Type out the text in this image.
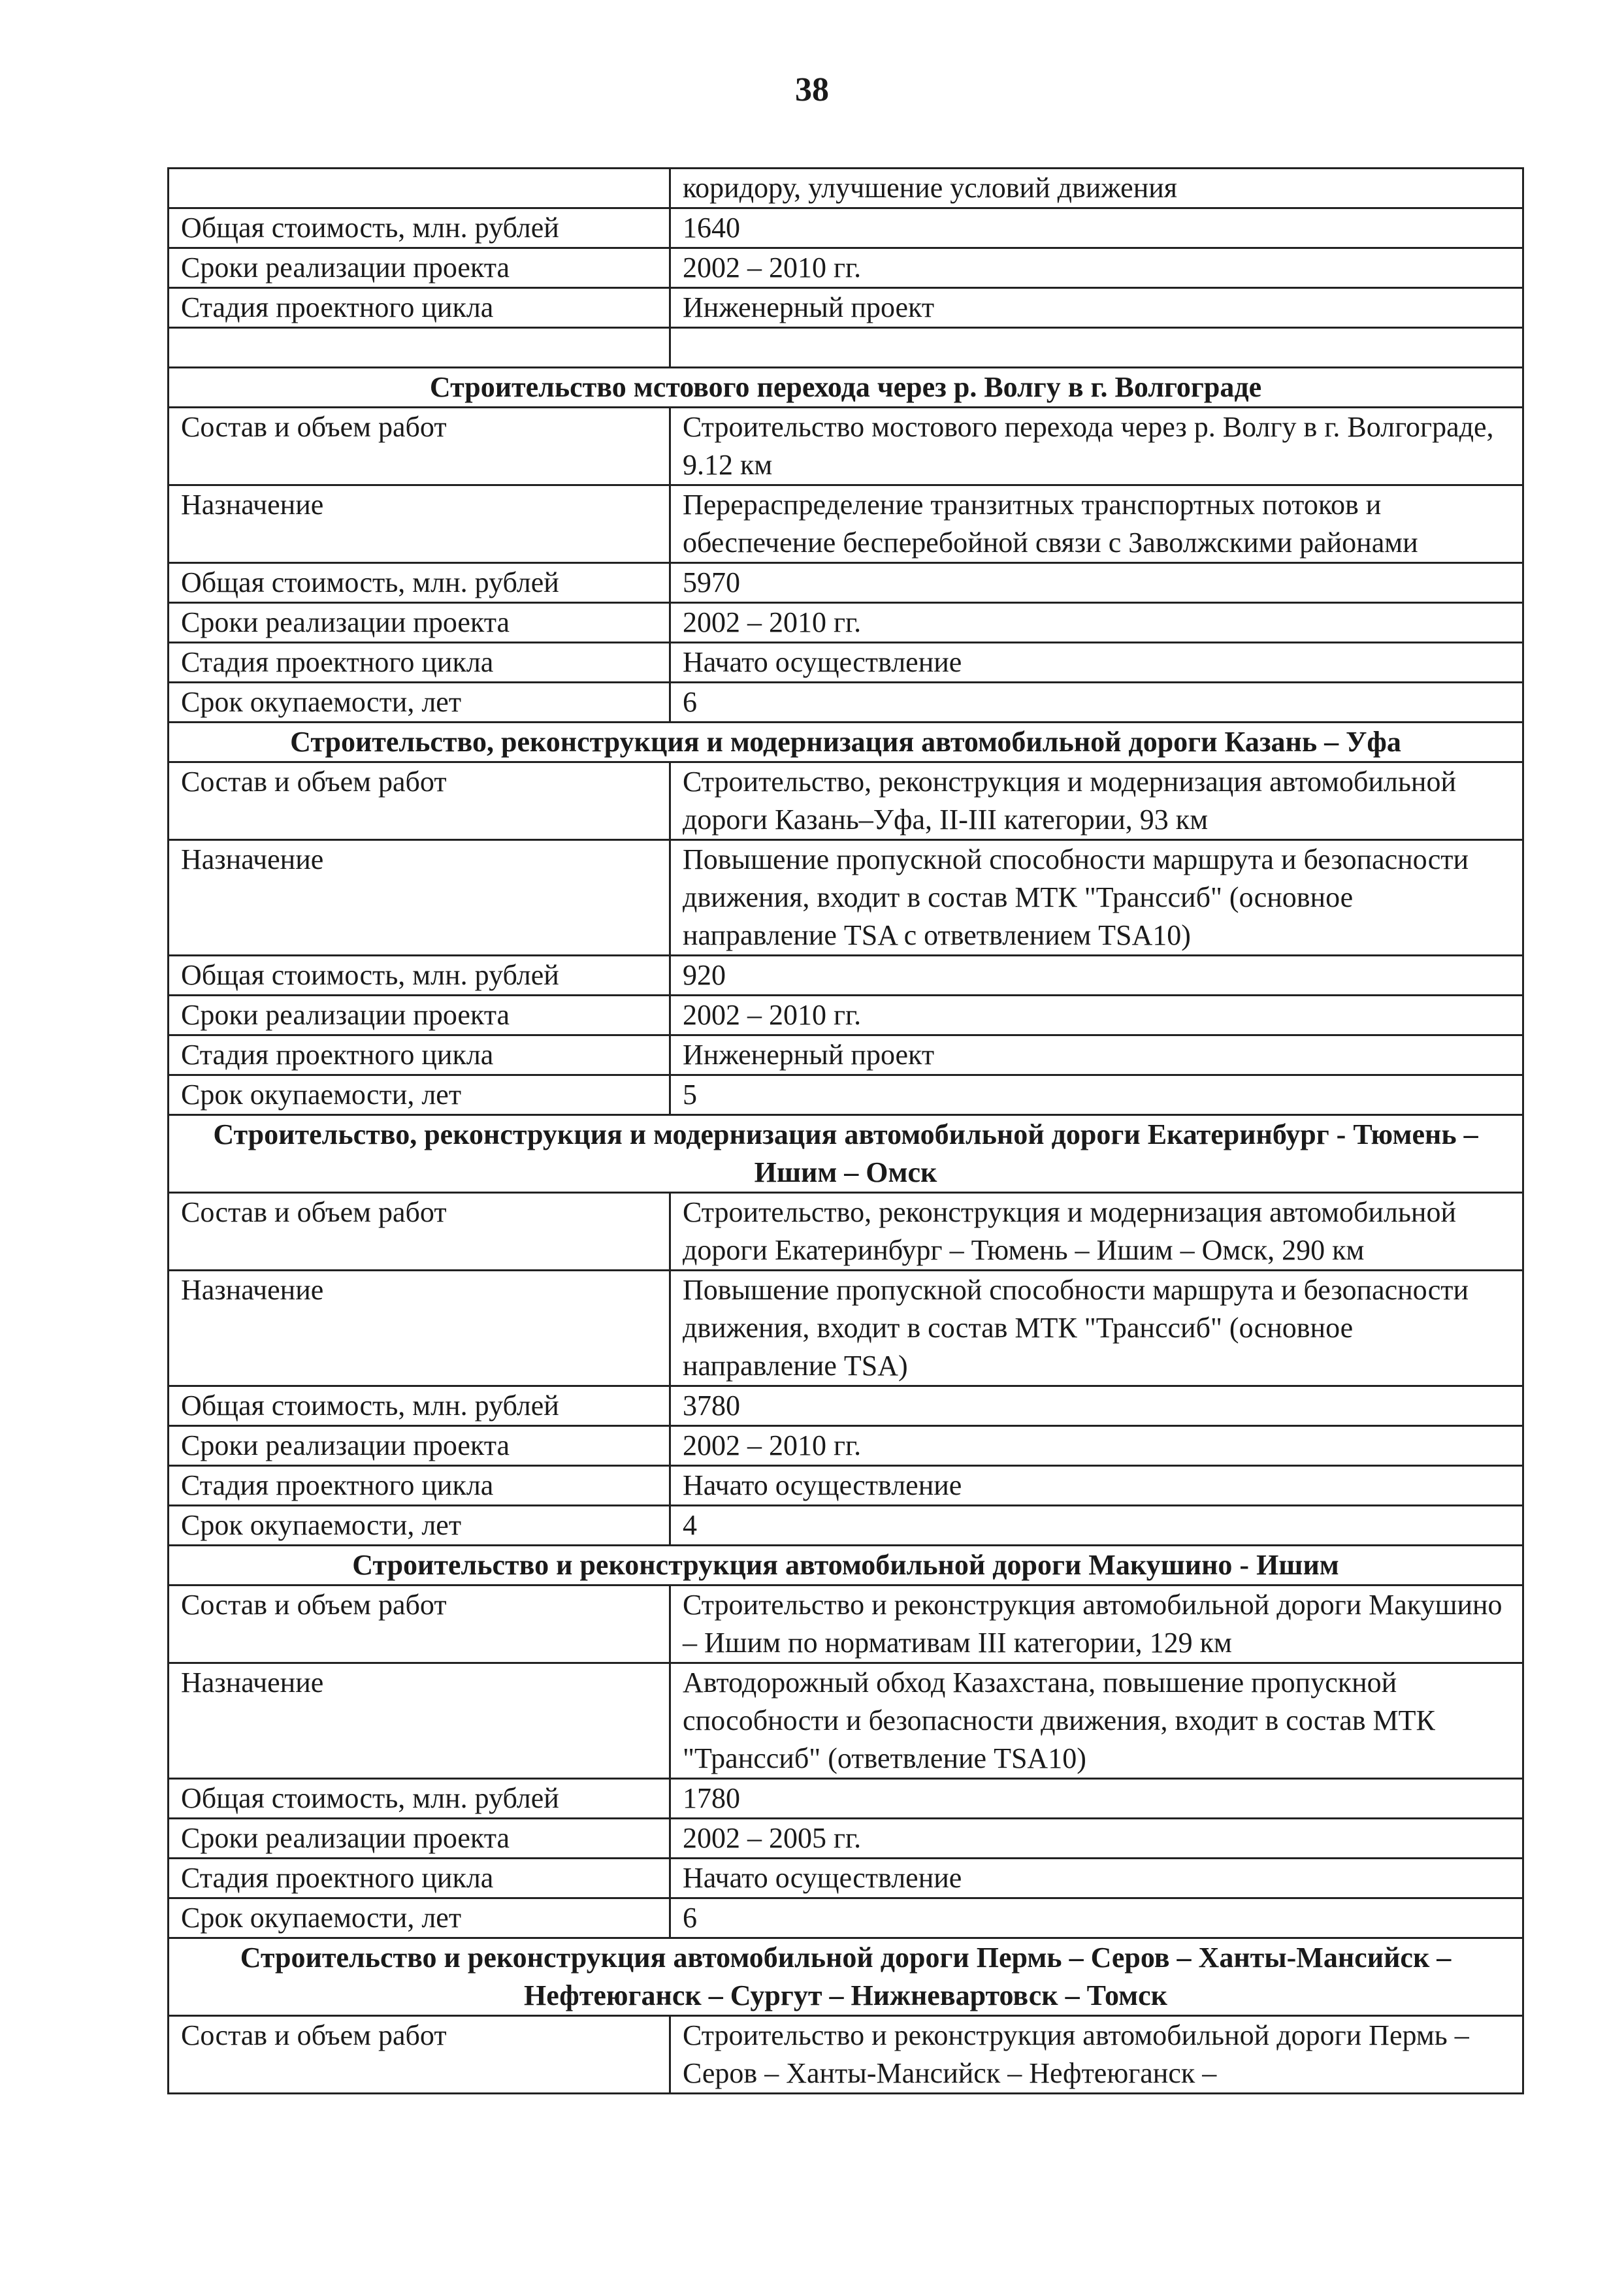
38
	коридору, улучшение условий движения
Общая стоимость, млн. рублей	1640
Сроки реализации проекта	2002 – 2010 гг.
Стадия проектного цикла	Инженерный проект

Строительство мстового перехода через р. Волгу в г. Волгограде	
Состав и объем работ	Строительство мостового перехода через р. Волгу в г. Волгограде, 9.12 км
Назначение	Перераспределение транзитных транспортных потоков и обеспечение бесперебойной связи с Заволжскими районами
Общая стоимость, млн. рублей	5970
Сроки реализации проекта	2002 – 2010 гг.
Стадия проектного цикла	Начато осуществление
Срок окупаемости, лет	6
Строительство, реконструкция и модернизация автомобильной дороги Казань – Уфа	
Состав и объем работ	Строительство, реконструкция и модернизация автомобильной дороги Казань–Уфа, II-III категории, 93 км
Назначение	Повышение пропускной способности маршрута и безопасности движения, входит в состав МТК "Транссиб" (основное направление TSA с ответвлением TSA10)
Общая стоимость, млн. рублей	920
Сроки реализации проекта	2002 – 2010 гг.
Стадия проектного цикла	Инженерный проект
Срок окупаемости, лет	5
Строительство, реконструкция и модернизация автомобильной дороги Екатеринбург - Тюмень – Ишим – Омск	
Состав и объем работ	Строительство, реконструкция и модернизация автомобильной дороги Екатеринбург – Тюмень – Ишим – Омск, 290 км
Назначение	Повышение пропускной способности маршрута и безопасности движения, входит в состав МТК "Транссиб" (основное направление TSA)
Общая стоимость, млн. рублей	3780
Сроки реализации проекта	2002 – 2010 гг.
Стадия проектного цикла	Начато осуществление
Срок окупаемости, лет	4
Строительство и реконструкция автомобильной дороги Макушино - Ишим	
Состав и объем работ	Строительство и реконструкция автомобильной дороги Макушино – Ишим по нормативам III категории, 129 км
Назначение	Автодорожный обход Казахстана, повышение пропускной способности и безопасности движения, входит в состав МТК "Транссиб" (ответвление TSA10)
Общая стоимость, млн. рублей	1780
Сроки реализации проекта	2002 – 2005 гг.
Стадия проектного цикла	Начато осуществление
Срок окупаемости, лет	6
Строительство и реконструкция автомобильной дороги Пермь – Серов – Ханты-Мансийск – Нефтеюганск – Сургут – Нижневартовск – Томск	
Состав и объем работ	Строительство и реконструкция автомобильной дороги Пермь – Серов – Ханты-Мансийск – Нефтеюганск –
